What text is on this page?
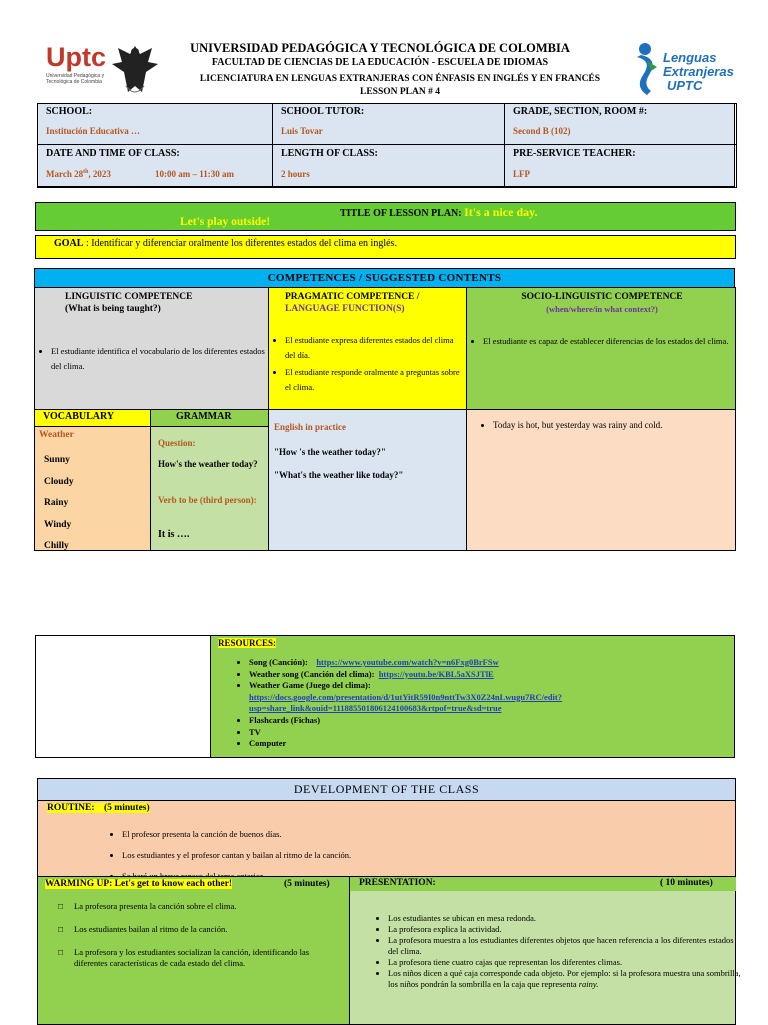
Uptc
Universidad Pedagógica y Tecnológica de Colombia
UNIVERSIDAD PEDAGÓGICA Y TECNOLÓGICA DE COLOMBIA
FACULTAD DE CIENCIAS DE LA EDUCACIÓN - ESCUELA DE IDIOMAS
LICENCIATURA EN LENGUAS EXTRANJERAS CON ÉNFASIS EN INGLÉS Y EN FRANCÉS
LESSON PLAN # 4
Lenguas
Extranjeras
UPTC
SCHOOL:
Institución Educativa …
SCHOOL TUTOR:
Luis Tovar
GRADE, SECTION, ROOM #:
Second B (102)
DATE AND TIME OF CLASS:
March 28th, 2023	10:00 am – 11:30 am
LENGTH OF CLASS:
2 hours
PRE-SERVICE TEACHER:
LFP
TITLE OF LESSON PLAN: It's a nice day.
Let's play outside!
GOAL : Identificar y diferenciar oralmente los diferentes estados del clima en inglés.
COMPETENCES / SUGGESTED CONTENTS
LINGUISTIC COMPETENCE
(What is being taught?)
• El estudiante identifica el vocabulario de los diferentes estados del clima.
PRAGMATIC COMPETENCE /
LANGUAGE FUNCTION(S)
• El estudiante expresa diferentes estados del clima del día.
• El estudiante responde oralmente a preguntas sobre el clima.
SOCIO-LINGUISTIC COMPETENCE
(when/where/in what context?)
• El estudiante es capaz de establecer diferencias de los estados del clima.
VOCABULARY
Weather
Sunny
Cloudy
Rainy
Windy
Chilly
GRAMMAR
Question:
How's the weather today?
Verb to be (third person):
It is ….
English in practice
"How 's the weather today?"
"What's the weather like today?"
• Today is hot, but yesterday was rainy and cold.
RESOURCES:
• Song (Canción): https://www.youtube.com/watch?v=n6Fxg0BrFSw
• Weather song (Canción del clima): https://youtu.be/KBL5aXSJTlE
• Weather Game (Juego del clima):
https://docs.google.com/presentation/d/1utYitR59I0n9nttTw3X0Z24nLwugu7RC/edit?
usp=share_link&ouid=111885501806124100683&rtpof=true&sd=true
• Flashcards (Fichas)
• TV
• Computer
DEVELOPMENT OF THE CLASS
ROUTINE: (5 minutes)
• El profesor presenta la canción de buenos días.
• Los estudiantes y el profesor cantan y bailan al ritmo de la canción.
•
WARMING UP: Let's get to know each other!	(5 minutes)
□	La profesora presenta la canción sobre el clima.
□	Los estudiantes bailan al ritmo de la canción.
□	La profesora y los estudiantes socializan la canción, identificando las diferentes características de cada estado del clima.
PRESENTATION:	( 10 minutes)
• Los estudiantes se ubican en mesa redonda.
• La profesora explica la actividad.
• La profesora muestra a los estudiantes diferentes objetos que hacen referencia a los diferentes estados del clima.
• La profesora tiene cuatro cajas que representan los diferentes climas.
• Los niños dicen a qué caja corresponde cada objeto. Por ejemplo: si la profesora muestra una sombrilla, los niños pondrán la sombrilla en la caja que representa rainy.
